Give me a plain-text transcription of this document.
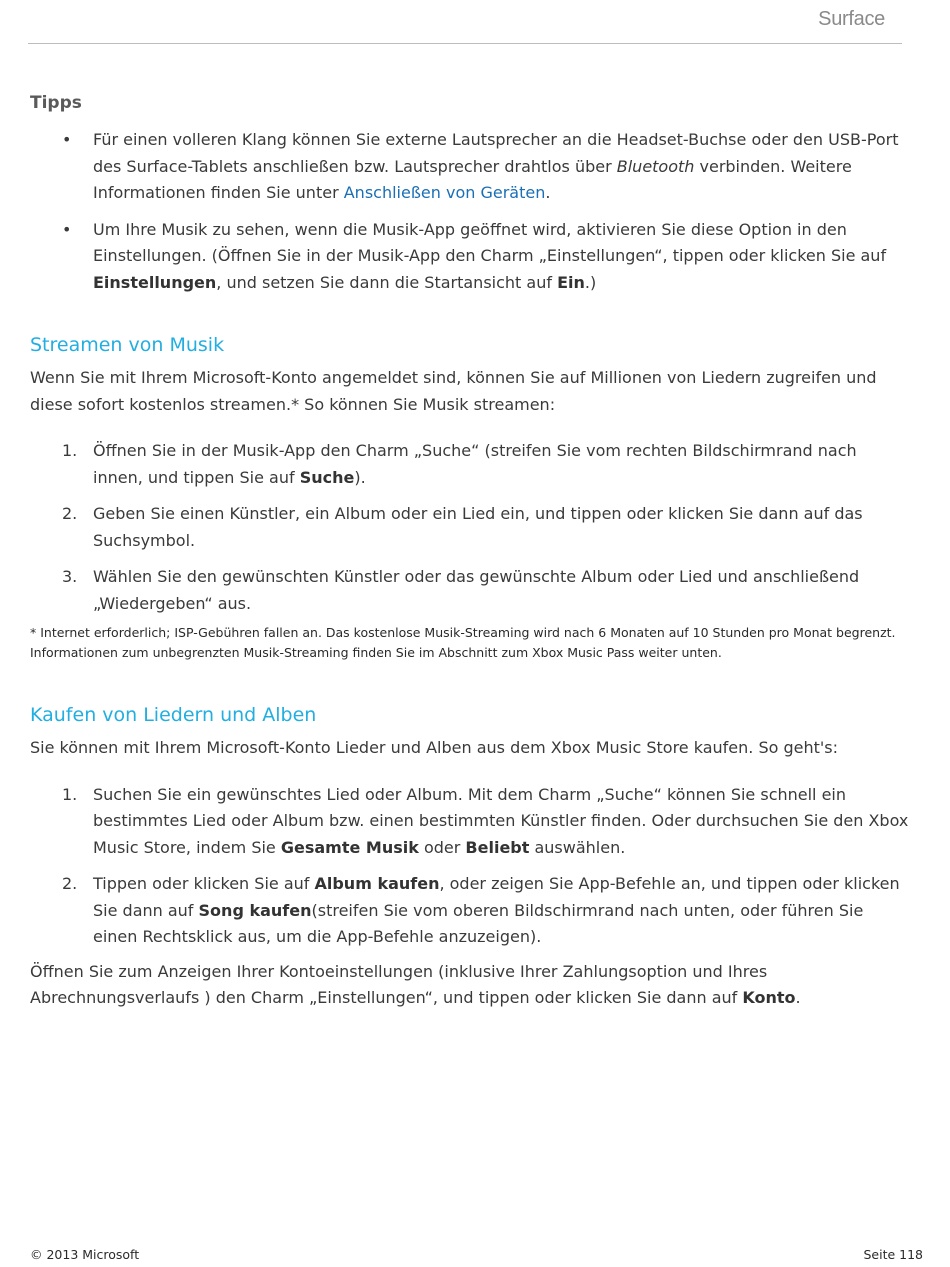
Surface
Tipps
• Für einen volleren Klang können Sie externe Lautsprecher an die Headset-Buchse oder den USB-Port des Surface-Tablets anschließen bzw. Lautsprecher drahtlos über Bluetooth verbinden. Weitere Informationen finden Sie unter Anschließen von Geräten.
• Um Ihre Musik zu sehen, wenn die Musik-App geöffnet wird, aktivieren Sie diese Option in den Einstellungen. (Öffnen Sie in der Musik-App den Charm „Einstellungen“, tippen oder klicken Sie auf Einstellungen, und setzen Sie dann die Startansicht auf Ein.)
Streamen von Musik

Wenn Sie mit Ihrem Microsoft-Konto angemeldet sind, können Sie auf Millionen von Liedern zugreifen und diese sofort kostenlos streamen.* So können Sie Musik streamen:

1. Öffnen Sie in der Musik-App den Charm „Suche“ (streifen Sie vom rechten Bildschirmrand nach innen, und tippen Sie auf Suche).
2. Geben Sie einen Künstler, ein Album oder ein Lied ein, und tippen oder klicken Sie dann auf das Suchsymbol.
3. Wählen Sie den gewünschten Künstler oder das gewünschte Album oder Lied und anschließend „Wiedergeben“ aus.

* Internet erforderlich; ISP-Gebühren fallen an. Das kostenlose Musik-Streaming wird nach 6 Monaten auf 10 Stunden pro Monat begrenzt. Informationen zum unbegrenzten Musik-Streaming finden Sie im Abschnitt zum Xbox Music Pass weiter unten.

Kaufen von Liedern und Alben

Sie können mit Ihrem Microsoft-Konto Lieder und Alben aus dem Xbox Music Store kaufen. So geht's:

1. Suchen Sie ein gewünschtes Lied oder Album. Mit dem Charm „Suche“ können Sie schnell ein bestimmtes Lied oder Album bzw. einen bestimmten Künstler finden. Oder durchsuchen Sie den Xbox Music Store, indem Sie Gesamte Musik oder Beliebt auswählen.
2. Tippen oder klicken Sie auf Album kaufen, oder zeigen Sie App-Befehle an, und tippen oder klicken Sie dann auf Song kaufen(streifen Sie vom oberen Bildschirmrand nach unten, oder führen Sie einen Rechtsklick aus, um die App-Befehle anzuzeigen).

Öffnen Sie zum Anzeigen Ihrer Kontoeinstellungen (inklusive Ihrer Zahlungsoption und Ihres Abrechnungsverlaufs ) den Charm „Einstellungen“, und tippen oder klicken Sie dann auf Konto.

© 2013 Microsoft	Seite 118
